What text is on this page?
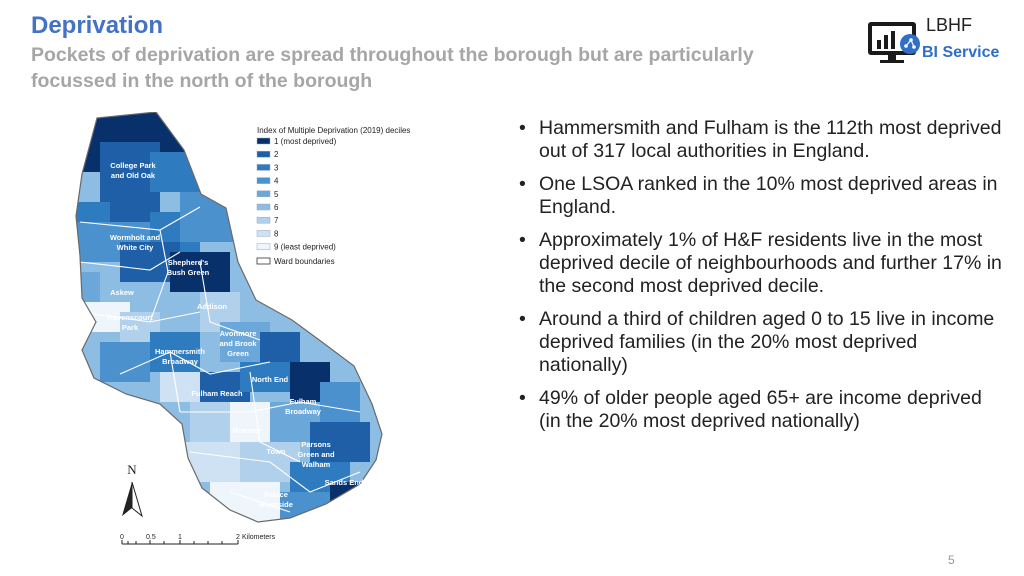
Deprivation

Pockets of deprivation are spread throughout the borough but are particularly focussed in the north of the borough

LBHF
BI Service
College Park
and Old Oak
Wormholt and
White City
Shepherd's
Bush Green
Askew
Addison
Ravenscourt
Park
Avonmore
and Brook
Green
Hammersmith
Broadway
North End
Fulham Reach
Fulham
Broadway
Munster
Parsons
Green and
Walham
Town
Sands End
Palace
Riverside
Index of Multiple Deprivation (2019) deciles
1 (most deprived)
2
3
4
5
6
7
8
9 (least deprived)
Ward boundaries
N
0	0.5	1	2 Kilometers
• Hammersmith and Fulham is the 112th most deprived out of 317 local authorities in England.
• One LSOA ranked in the 10% most deprived areas in England.
• Approximately 1% of H&F residents live in the most deprived decile of neighbourhoods and further 17% in the second most deprived decile.
• Around a third of children aged 0 to 15 live in income deprived families (in the 20% most deprived nationally)
• 49% of older people aged 65+ are income deprived (in the 20% most deprived nationally)
5
